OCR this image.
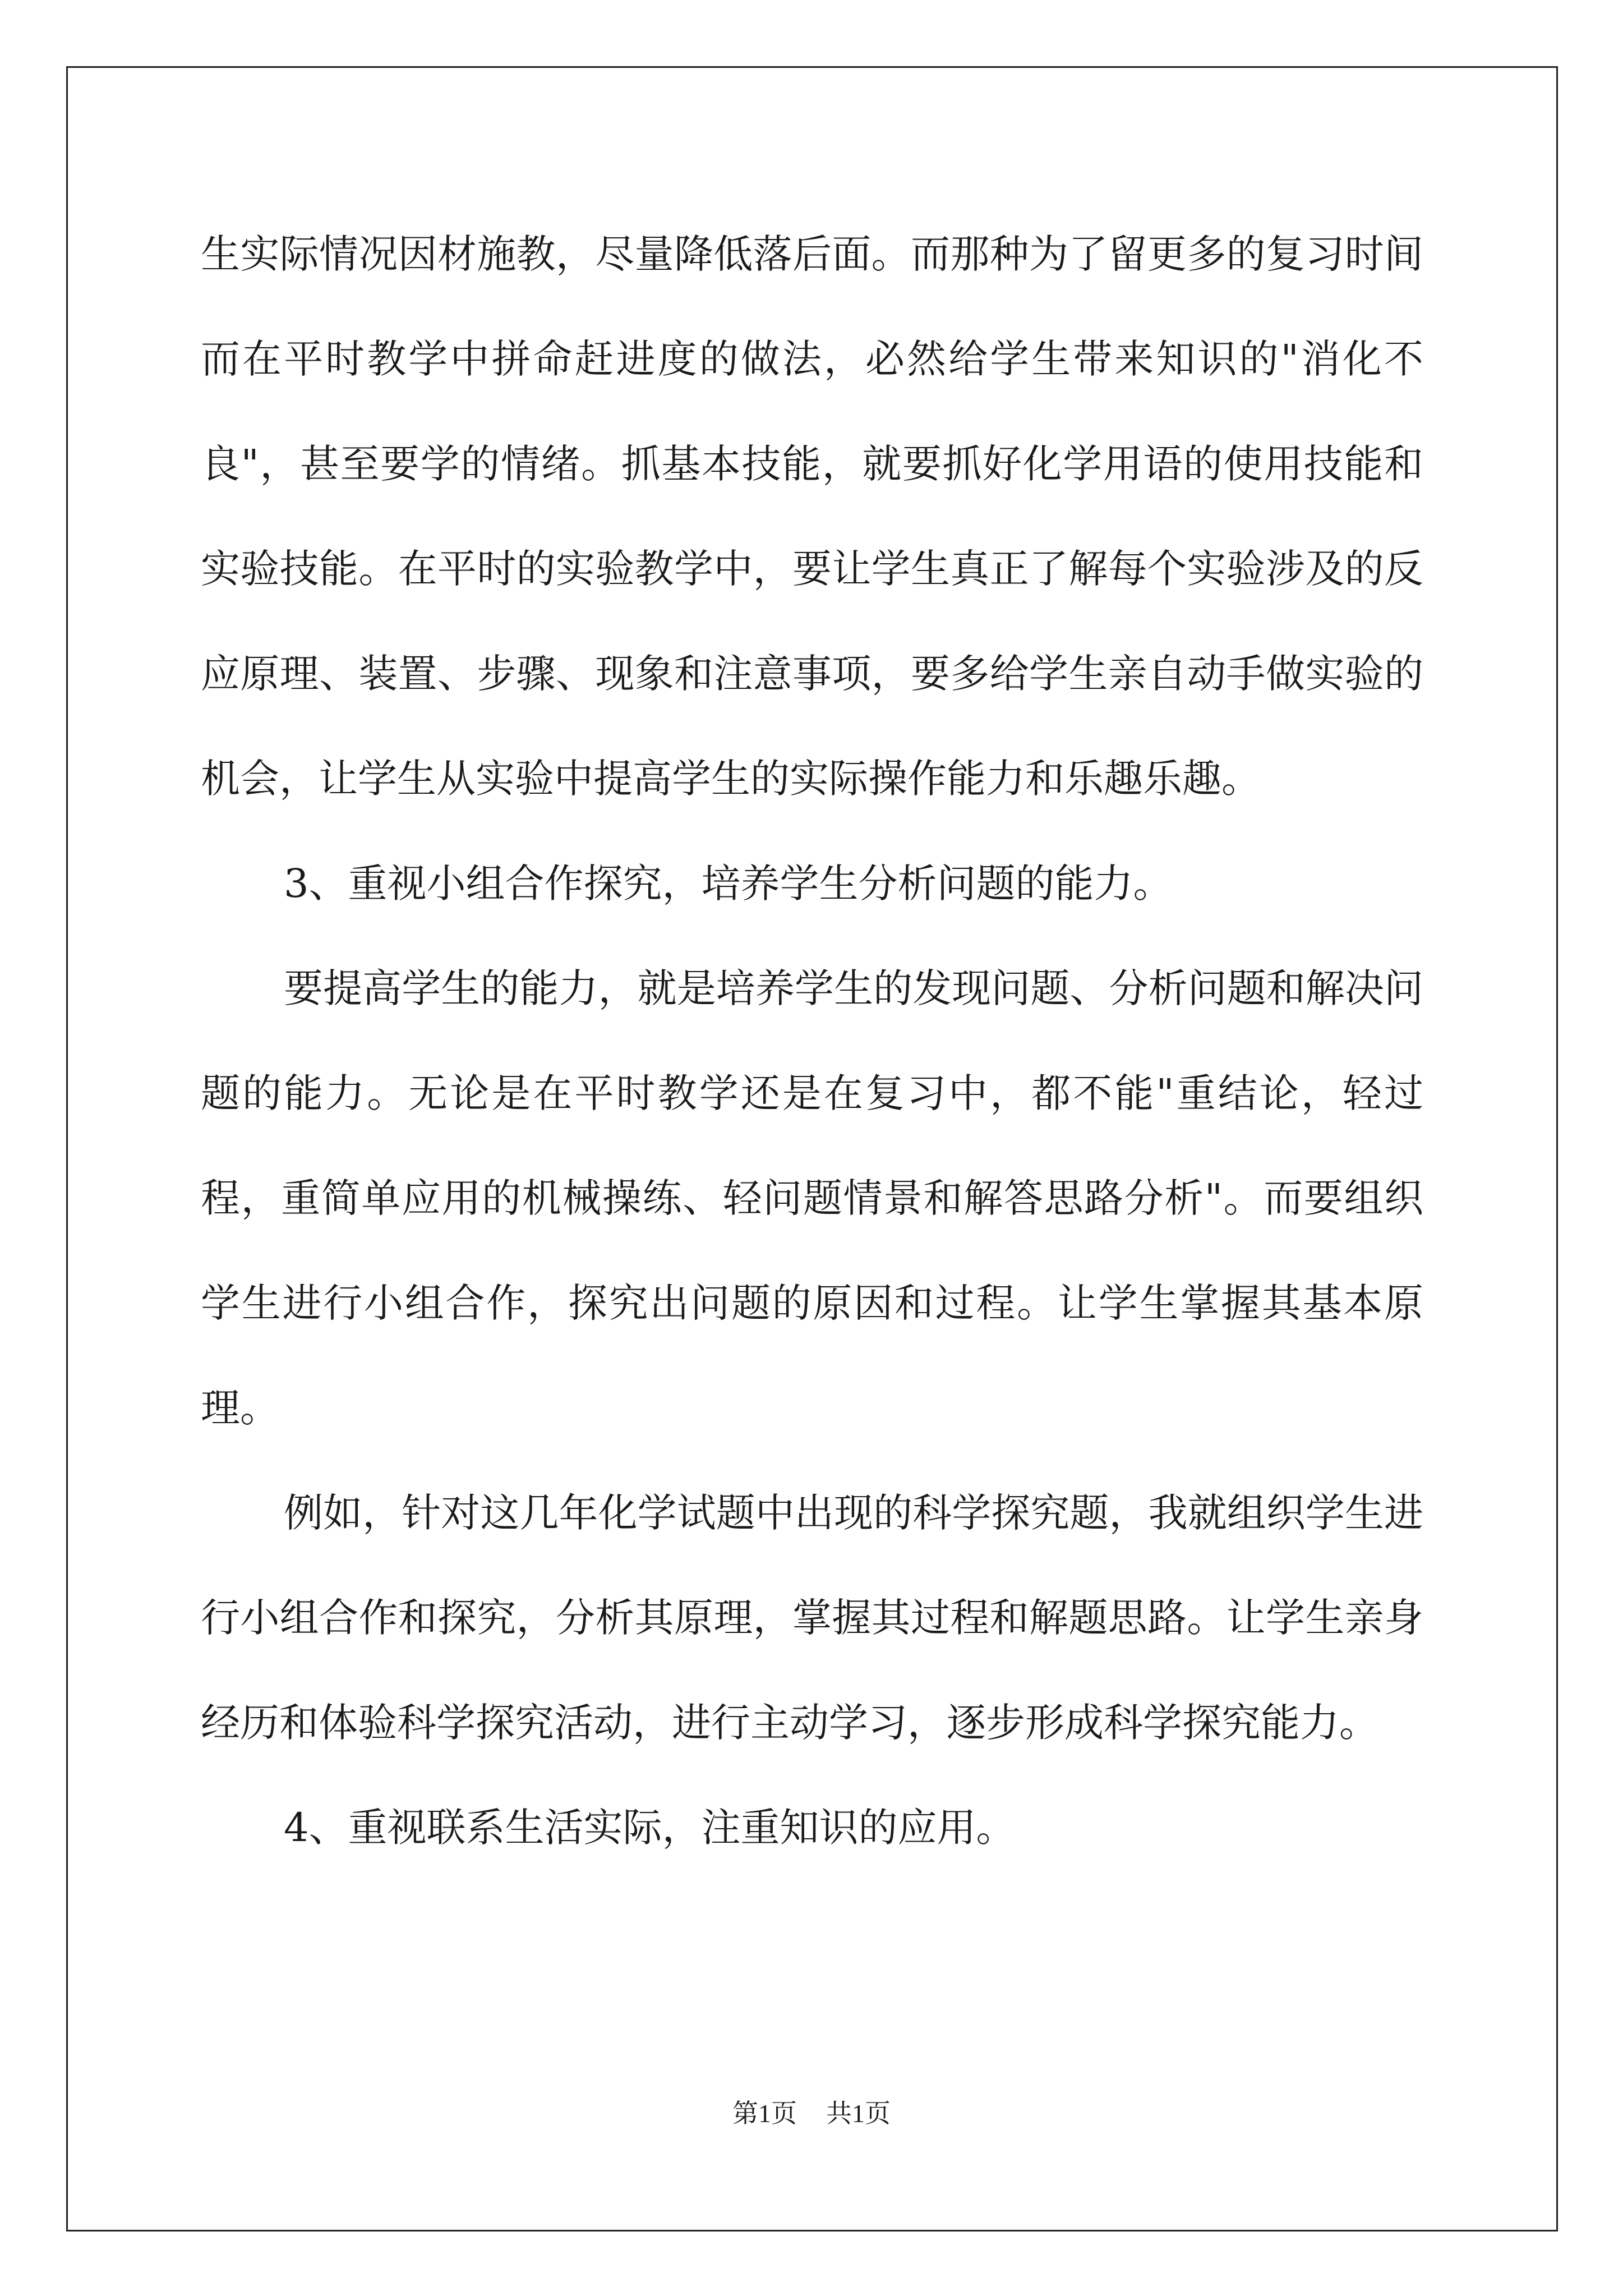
生实际情况因材施教，尽量降低落后面。而那种为了留更多的复习时间而在平时教学中拼命赶进度的做法，必然给学生带来知识的"消化不良"，甚至要学的情绪。抓基本技能，就要抓好化学用语的使用技能和实验技能。在平时的实验教学中，要让学生真正了解每个实验涉及的反应原理、装置、步骤、现象和注意事项，要多给学生亲自动手做实验的机会，让学生从实验中提高学生的实际操作能力和乐趣乐趣。

3、重视小组合作探究，培养学生分析问题的能力。

要提高学生的能力，就是培养学生的发现问题、分析问题和解决问题的能力。无论是在平时教学还是在复习中，都不能"重结论，轻过程，重简单应用的机械操练、轻问题情景和解答思路分析"。而要组织学生进行小组合作，探究出问题的原因和过程。让学生掌握其基本原理。

例如，针对这几年化学试题中出现的科学探究题，我就组织学生进行小组合作和探究，分析其原理，掌握其过程和解题思路。让学生亲身经历和体验科学探究活动，进行主动学习，逐步形成科学探究能力。

4、重视联系生活实际，注重知识的应用。

第1页 共1页
